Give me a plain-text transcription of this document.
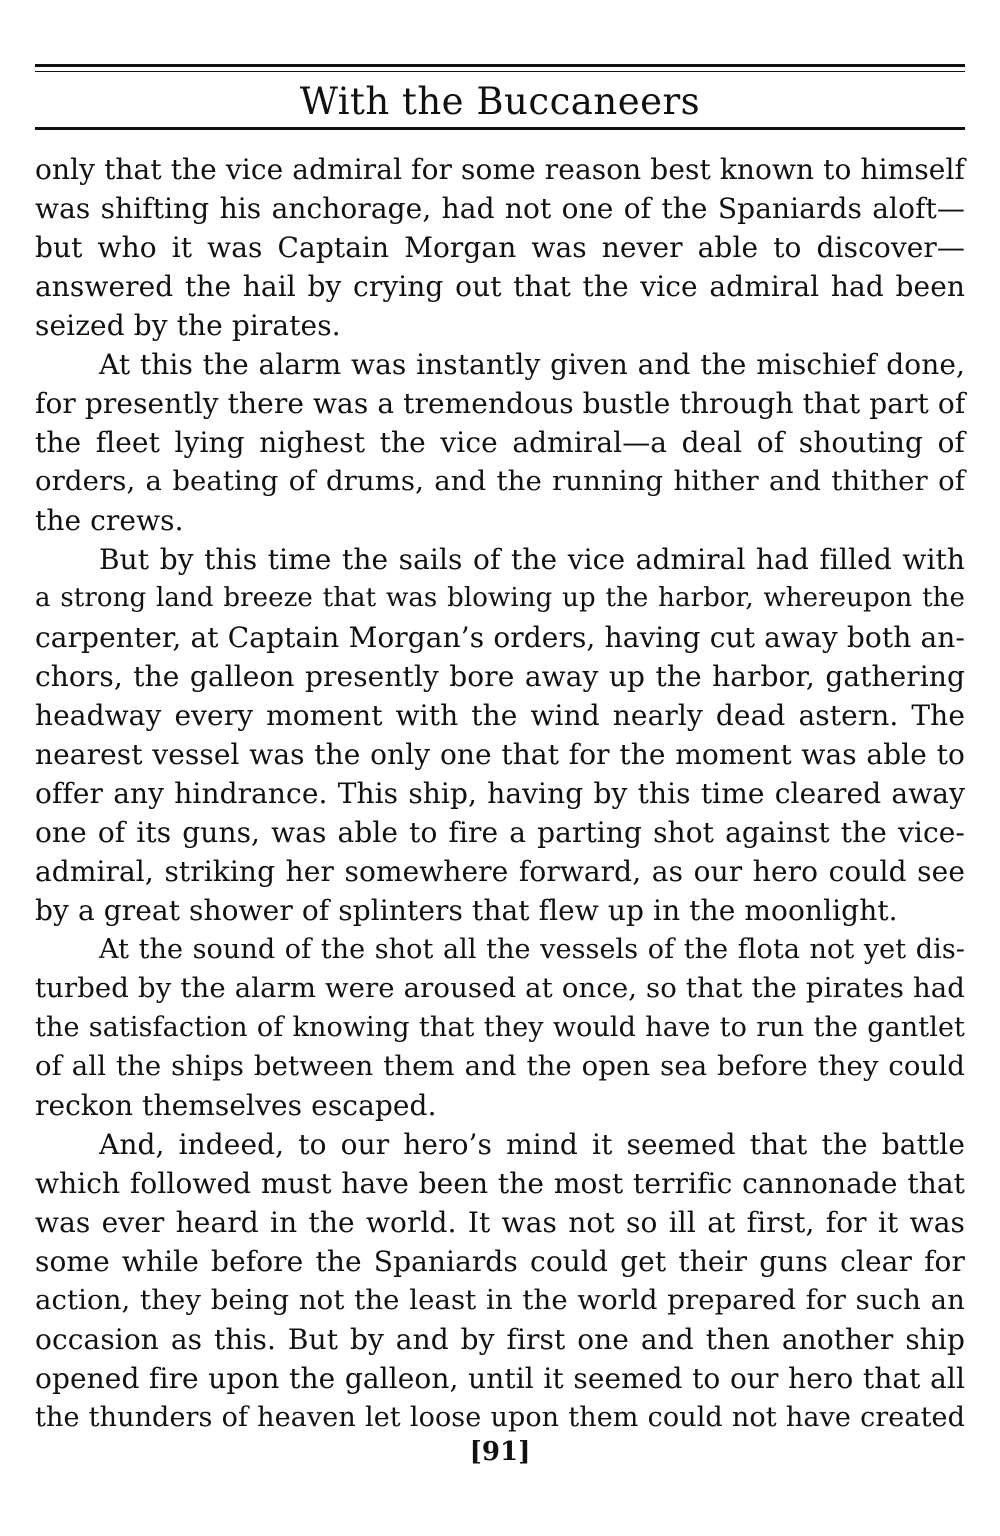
With the Buccaneers
only that the vice admiral for some reason best known to himself
was shifting his anchorage, had not one of the Spaniards aloft—
but who it was Captain Morgan was never able to discover—
answered the hail by crying out that the vice admiral had been
seized by the pirates.
At this the alarm was instantly given and the mischief done,
for presently there was a tremendous bustle through that part of
the fleet lying nighest the vice admiral—a deal of shouting of
orders, a beating of drums, and the running hither and thither of
the crews.
But by this time the sails of the vice admiral had filled with
a strong land breeze that was blowing up the harbor, whereupon the
carpenter, at Captain Morgan’s orders, having cut away both an-
chors, the galleon presently bore away up the harbor, gathering
headway every moment with the wind nearly dead astern. The
nearest vessel was the only one that for the moment was able to
offer any hindrance. This ship, having by this time cleared away
one of its guns, was able to fire a parting shot against the vice-
admiral, striking her somewhere forward, as our hero could see
by a great shower of splinters that flew up in the moonlight.
At the sound of the shot all the vessels of the flota not yet dis-
turbed by the alarm were aroused at once, so that the pirates had
the satisfaction of knowing that they would have to run the gantlet
of all the ships between them and the open sea before they could
reckon themselves escaped.
And, indeed, to our hero’s mind it seemed that the battle
which followed must have been the most terrific cannonade that
was ever heard in the world. It was not so ill at first, for it was
some while before the Spaniards could get their guns clear for
action, they being not the least in the world prepared for such an
occasion as this. But by and by first one and then another ship
opened fire upon the galleon, until it seemed to our hero that all
the thunders of heaven let loose upon them could not have created
[91]
